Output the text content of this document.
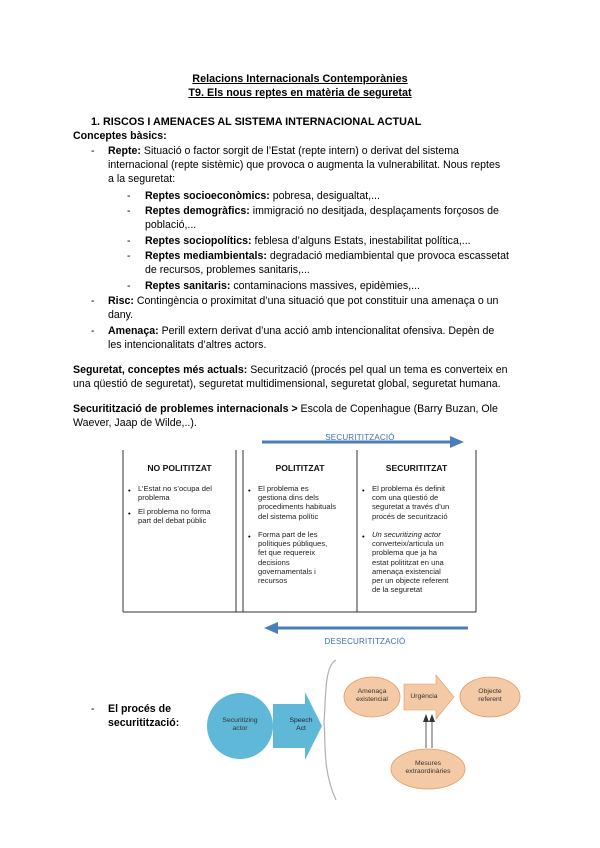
Relacions Internacionals Contemporànies
T9. Els nous reptes en matèria de seguretat
1. RISCOS I AMENACES AL SISTEMA INTERNACIONAL ACTUAL
Conceptes bàsics:
-	Repte: Situació o factor sorgit de l’Estat (repte intern) o derivat del sistema
internacional (repte sistèmic) que provoca o augmenta la vulnerabilitat. Nous reptes
a la seguretat:
-	Reptes socioeconòmics: pobresa, desigualtat,...
-	Reptes demogràfics: immigració no desitjada, desplaçaments forçosos de
població,...
-	Reptes sociopolítics: feblesa d’alguns Estats, inestabilitat política,...
-	Reptes mediambientals: degradació mediambiental que provoca escassetat
de recursos, problemes sanitaris,...
-	Reptes sanitaris: contaminacions massives, epidèmies,...
-	Risc: Contingència o proximitat d’una situació que pot constituir una amenaça o un
dany.
-	Amenaça: Perill extern derivat d’una acció amb intencionalitat ofensiva. Depèn de
les intencionalitats d’altres actors.
Seguretat, conceptes més actuals: Securització (procés pel qual un tema es converteix en
una qüestió de seguretat), seguretat multidimensional, seguretat global, seguretat humana.
Securitització de problemes internacionals > Escola de Copenhague (Barry Buzan, Ole
Waever, Jaap de Wilde,..).
SECURITITZACIÓ
DESECURITITZACIÓ
NO POLITITZAT	POLITITZAT	SECURITITZAT
• L’Estat no s’ocupa del
problema
• El problema no forma
part del debat públic
• El problema es
gestiona dins dels
procediments habituals
del sistema polític
• Forma part de les
polítiques públiques,
fet que requereix
decisions
governamentals i
recursos
• El problema és definit
com una qüestió de
seguretat a través d’un
procés de securització
• Un securitizing actor
converteix/articula un
problema que ja ha
estat polititzat en una
amenaça existencial
per un objecte referent
de la seguretat
-	El procés de
securitització:	Securitizing
actor
Speech
Act
Amenaça
existencial	Urgència
Objecte
referent
Mesures
extraordinàries
